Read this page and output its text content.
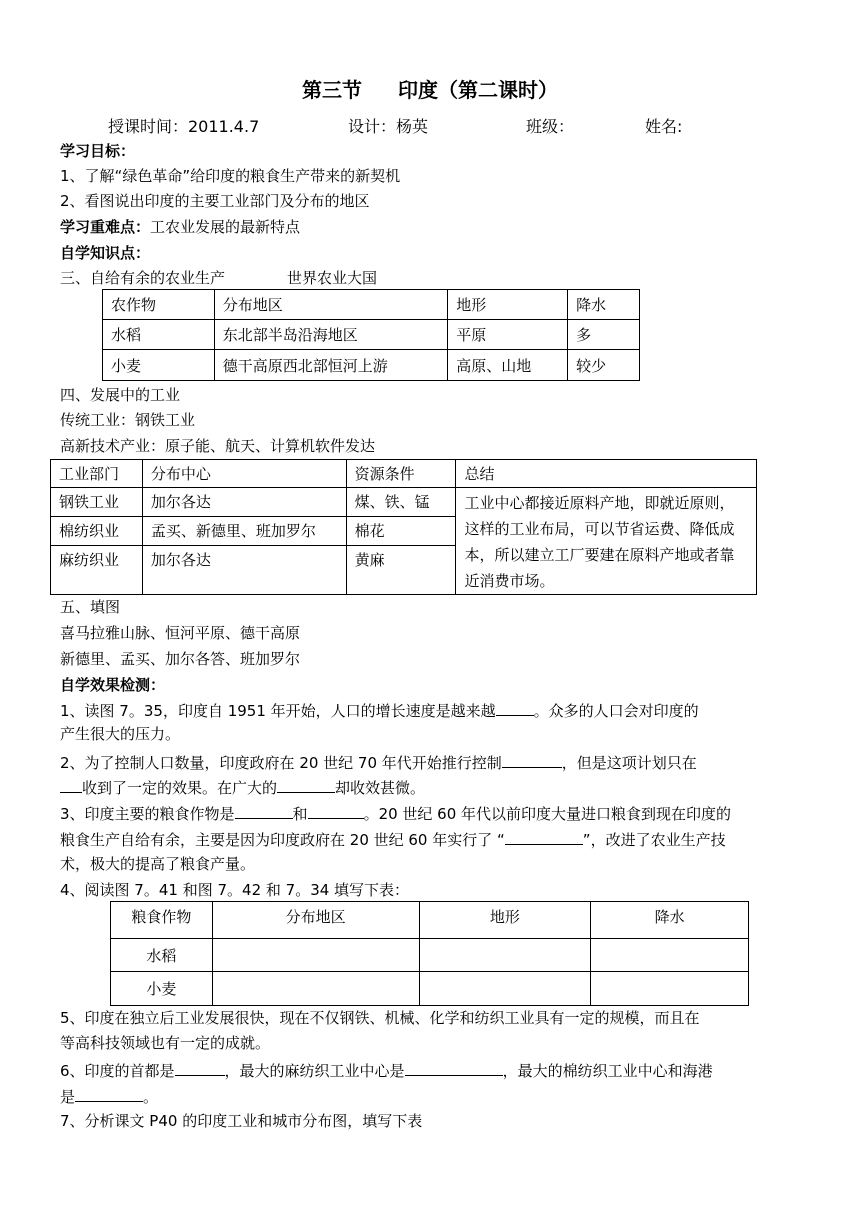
第三节 印度（第二课时）
授课时间：2011.4.7	设计：杨英	班级：	姓名:
学习目标：
1、了解“绿色革命”给印度的粮食生产带来的新契机
2、看图说出印度的主要工业部门及分布的地区
学习重难点：工农业发展的最新特点
自学知识点：
三、自给有余的农业生产	世界农业大国
农作物	分布地区	地形	降水
水稻	东北部半岛沿海地区	平原	多
小麦	德干高原西北部恒河上游	高原、山地	较少
四、发展中的工业
传统工业：钢铁工业
高新技术产业：原子能、航天、计算机软件发达
工业部门	分布中心	资源条件	总结
钢铁工业	加尔各达	煤、铁、锰	工业中心都接近原料产地，即就近原则，这样的工业布局，可以节省运费、降低成本，所以建立工厂要建在原料产地或者靠近消费市场。
棉纺织业	孟买、新德里、班加罗尔	棉花	
麻纺织业	加尔各达	黄麻	
五、填图
喜马拉雅山脉、恒河平原、德干高原
新德里、孟买、加尔各答、班加罗尔
自学效果检测：
1、读图 7。35，印度自 1951 年开始，人口的增长速度是越来越	。众多的人口会对印度的
产生很大的压力。
2、为了控制人口数量，印度政府在 20 世纪 70 年代开始推行控制	，但是这项计划只在
收到了一定的效果。在广大的	却收效甚微。
3、印度主要的粮食作物是	和	。20 世纪 60 年代以前印度大量进口粮食到现在印度的
粮食生产自给有余，主要是因为印度政府在 20 世纪 60 年实行了 “	”，改进了农业生产技
术，极大的提高了粮食产量。
4、阅读图 7。41 和图 7。42 和 7。34 填写下表：
粮食作物	分布地区	地形	降水
水稻			
小麦			
5、印度在独立后工业发展很快，现在不仅钢铁、机械、化学和纺织工业具有一定的规模，而且在
等高科技领域也有一定的成就。
6、印度的首都是	，最大的麻纺织工业中心是	，最大的棉纺织工业中心和海港
是	。
7、分析课文 P40 的印度工业和城市分布图，填写下表
